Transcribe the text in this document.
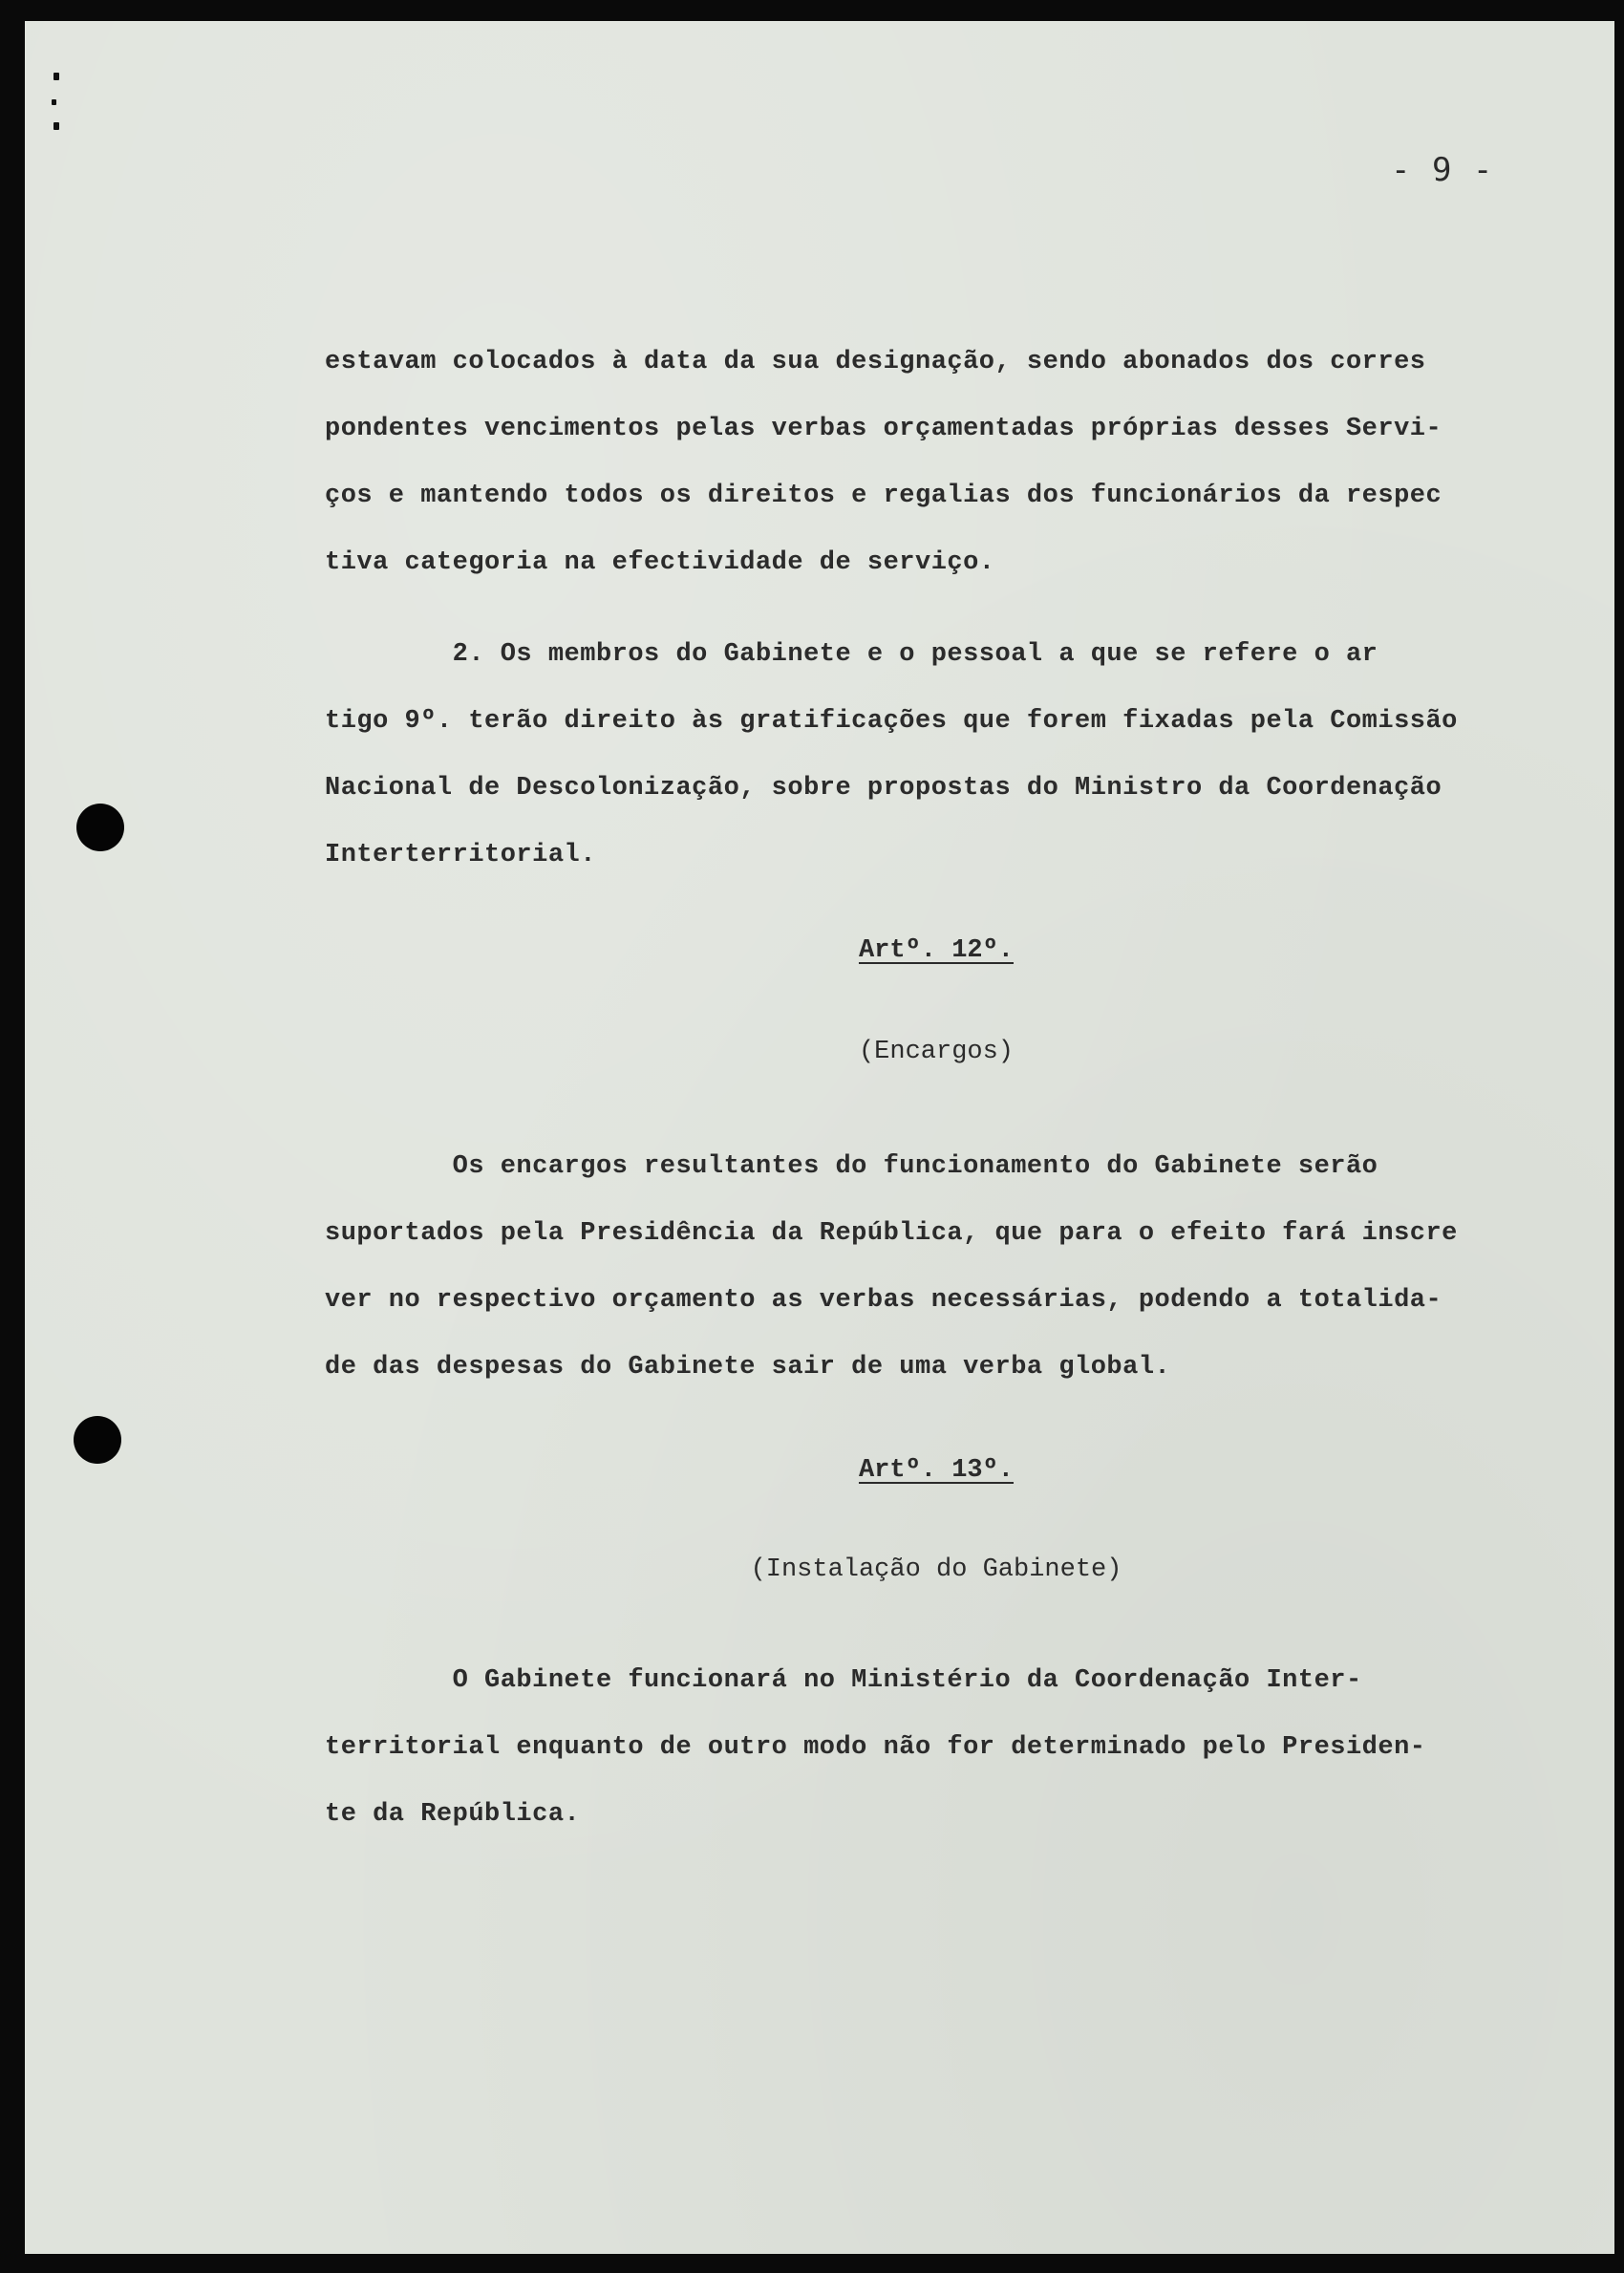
- 9 -
estavam colocados à data da sua designação, sendo abonados dos corres
pondentes vencimentos pelas verbas orçamentadas próprias desses Servi-
ços e mantendo todos os direitos e regalias dos funcionários da respec
tiva categoria na efectividade de serviço.
2. Os membros do Gabinete e o pessoal a que se refere o ar
tigo 9º. terão direito às gratificações que forem fixadas pela Comissão
Nacional de Descolonização, sobre propostas do Ministro da Coordenação
Interterritorial.
Artº. 12º.
(Encargos)
Os encargos resultantes do funcionamento do Gabinete serão
suportados pela Presidência da República, que para o efeito fará inscre
ver no respectivo orçamento as verbas necessárias, podendo a totalida-
de das despesas do Gabinete sair de uma verba global.
Artº. 13º.
(Instalação do Gabinete)
O Gabinete funcionará no Ministério da Coordenação Inter-
territorial enquanto de outro modo não for determinado pelo Presiden-
te da República.
